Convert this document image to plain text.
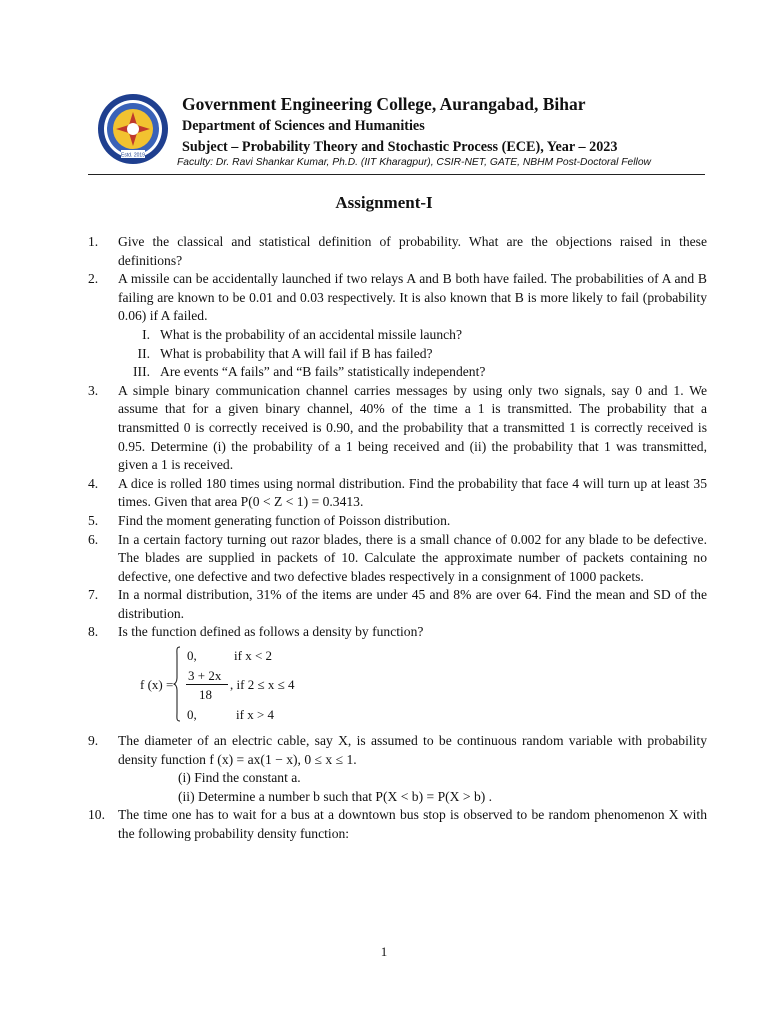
Estd. 2019
Government Engineering College, Aurangabad, Bihar
Department of Sciences and Humanities
Subject – Probability Theory and Stochastic Process (ECE), Year – 2023
Faculty: Dr. Ravi Shankar Kumar, Ph.D. (IIT Kharagpur), CSIR-NET, GATE, NBHM Post-Doctoral Fellow
Assignment-I
1.	Give the classical and statistical definition of probability. What are the objections raised in these definitions?
2.	A missile can be accidentally launched if two relays A and B both have failed. The probabilities of A and B failing are known to be 0.01 and 0.03 respectively. It is also known that B is more likely to fail (probability 0.06) if A failed.
I. What is the probability of an accidental missile launch?
II. What is probability that A will fail if B has failed?
III. Are events “A fails” and “B fails” statistically independent?
3.	A simple binary communication channel carries messages by using only two signals, say 0 and 1. We assume that for a given binary channel, 40% of the time a 1 is transmitted. The probability that a transmitted 0 is correctly received is 0.90, and the probability that a transmitted 1 is correctly received is 0.95. Determine (i) the probability of a 1 being received and (ii) the probability that 1 was transmitted, given a 1 is received.
4.	A dice is rolled 180 times using normal distribution. Find the probability that face 4 will turn up at least 35 times. Given that area P(0 < Z < 1) = 0.3413.
5.	Find the moment generating function of Poisson distribution.
6.	In a certain factory turning out razor blades, there is a small chance of 0.002 for any blade to be defective. The blades are supplied in packets of 10. Calculate the approximate number of packets containing no defective, one defective and two defective blades respectively in a consignment of 1000 packets.
7.	In a normal distribution, 31% of the items are under 45 and 8% are over 64. Find the mean and SD of the distribution.
8.	Is the function defined as follows a density by function?
f (x) =
0,	if x < 2
3 + 2x
18
, if 2 ≤ x ≤ 4
0,	if x > 4
9.	The diameter of an electric cable, say X, is assumed to be continuous random variable with probability density function f (x) = ax(1 − x), 0 ≤ x ≤ 1.
(i) Find the constant a.
(ii) Determine a number b such that P(X < b) = P(X > b) .
10. The time one has to wait for a bus at a downtown bus stop is observed to be random phenomenon X with the following probability density function:
1
